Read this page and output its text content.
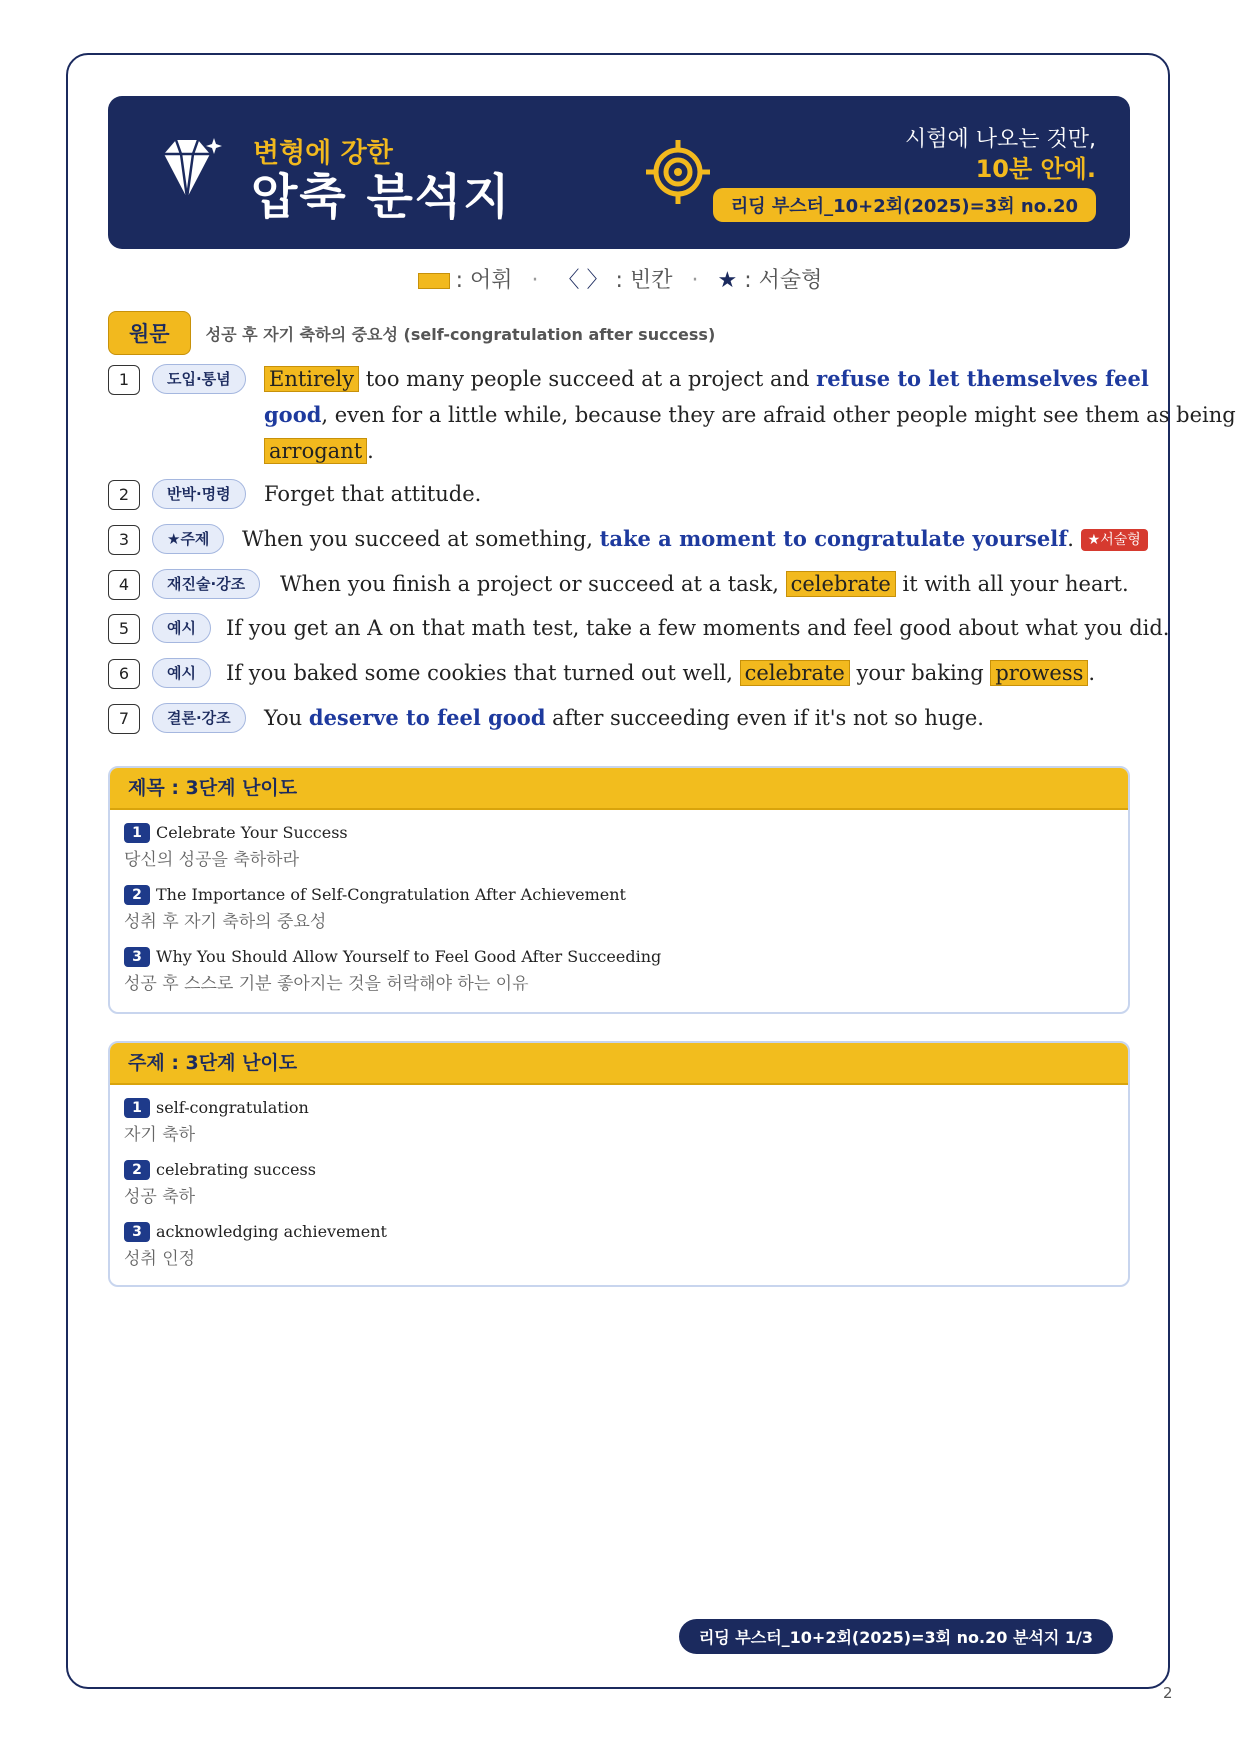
변형에 강한
압축 분석지
시험에 나오는 것만,
10분 안에.
리딩 부스터_10+2회(2025)=3회 no.20
: 어휘 · 〈 〉 : 빈칸 · ★ : 서술형
원문 성공 후 자기 축하의 중요성 (self-congratulation after success)
1	도입·통념	Entirely too many people succeed at a project and refuse to let themselves feel
good, even for a little while, because they are afraid other people might see them as being
arrogant .
2	반박·명령	Forget that attitude.
3	★주제	When you succeed at something, take a moment to congratulate yourself. ★서술형
4	재진술·강조	When you finish a project or succeed at a task, celebrate it with all your heart.
5	예시	If you get an A on that math test, take a few moments and feel good about what you did.
6	예시	If you baked some cookies that turned out well, celebrate your baking prowess .
7	결론·강조	You deserve to feel good after succeeding even if it's not so huge.
제목 : 3단계 난이도
1 Celebrate Your Success
당신의 성공을 축하하라
2 The Importance of Self-Congratulation After Achievement
성취 후 자기 축하의 중요성
3 Why You Should Allow Yourself to Feel Good After Succeeding
성공 후 스스로 기분 좋아지는 것을 허락해야 하는 이유
주제 : 3단계 난이도
1 self-congratulation
자기 축하
2 celebrating success
성공 축하
3 acknowledging achievement
성취 인정
리딩 부스터_10+2회(2025)=3회 no.20 분석지 1/3
2
